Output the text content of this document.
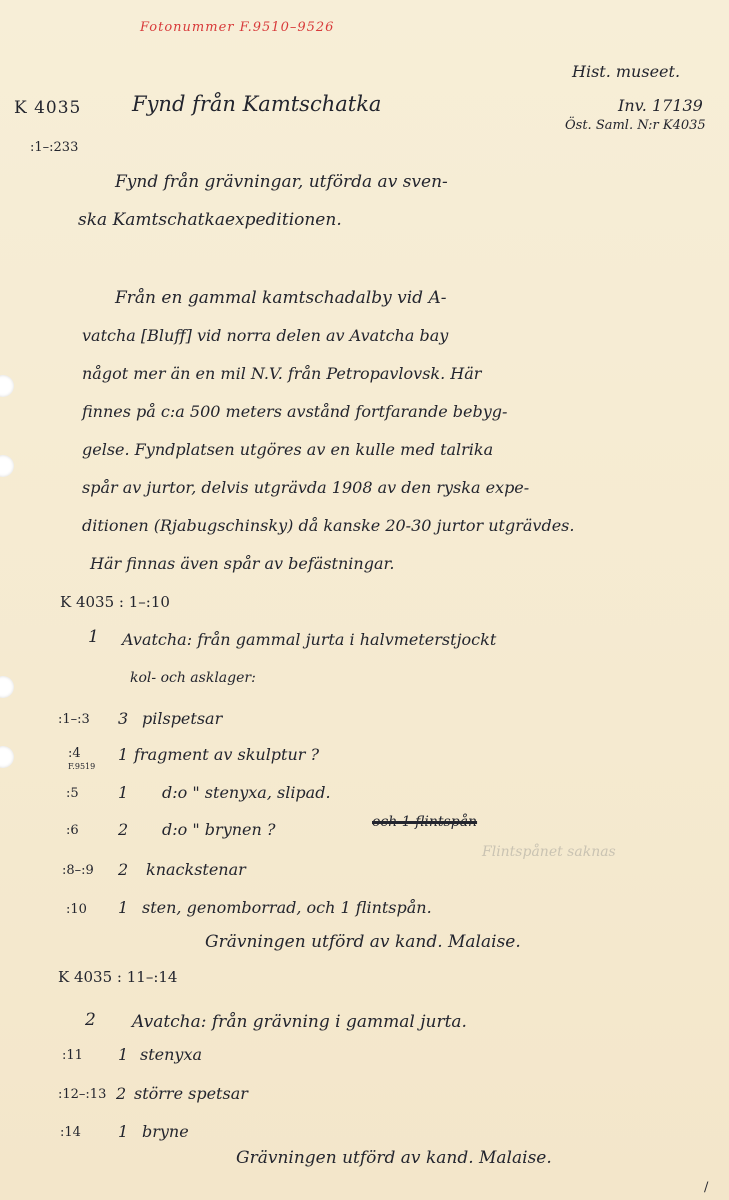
Fotonummer F.9510–9526
Hist. museet.
Inv. 17139
Öst. Saml. N:r K4035
K 4035
:1–:233
Fynd från Kamtschatka
Fynd från grävningar, utförda av sven-
ska Kamtschatkaexpeditionen.
Från en gammal kamtschadalby vid A-
vatcha [Bluff] vid norra delen av Avatcha bay
något mer än en mil N.V. från Petropavlovsk. Här
finnes på c:a 500 meters avstånd fortfarande bebyg-
gelse. Fyndplatsen utgöres av en kulle med talrika
spår av jurtor, delvis utgrävda 1908 av den ryska expe-
ditionen (Rjabugschinsky) då kanske 20-30 jurtor utgrävdes.
Här finnas även spår av befästningar.
K 4035 : 1–:10
1 Avatcha: från gammal jurta i halvmeterstjockt
kol- och asklager:
:1–:3 3 pilspetsar
:4
F.9519
1 fragment av skulptur ?
:5 1 d:o " stenyxa, slipad.
:6 2 d:o " brynen ?	och 1 flintspån
Flintspånet saknas
:8–:9 2 knackstenar
:10 1 sten, genomborrad, och 1 flintspån.
Grävningen utförd av kand. Malaise.
K 4035 : 11–:14
2 Avatcha: från grävning i gammal jurta.
:11 1 stenyxa
:12–:13 2 större spetsar
:14 1 bryne
Grävningen utförd av kand. Malaise.
/
